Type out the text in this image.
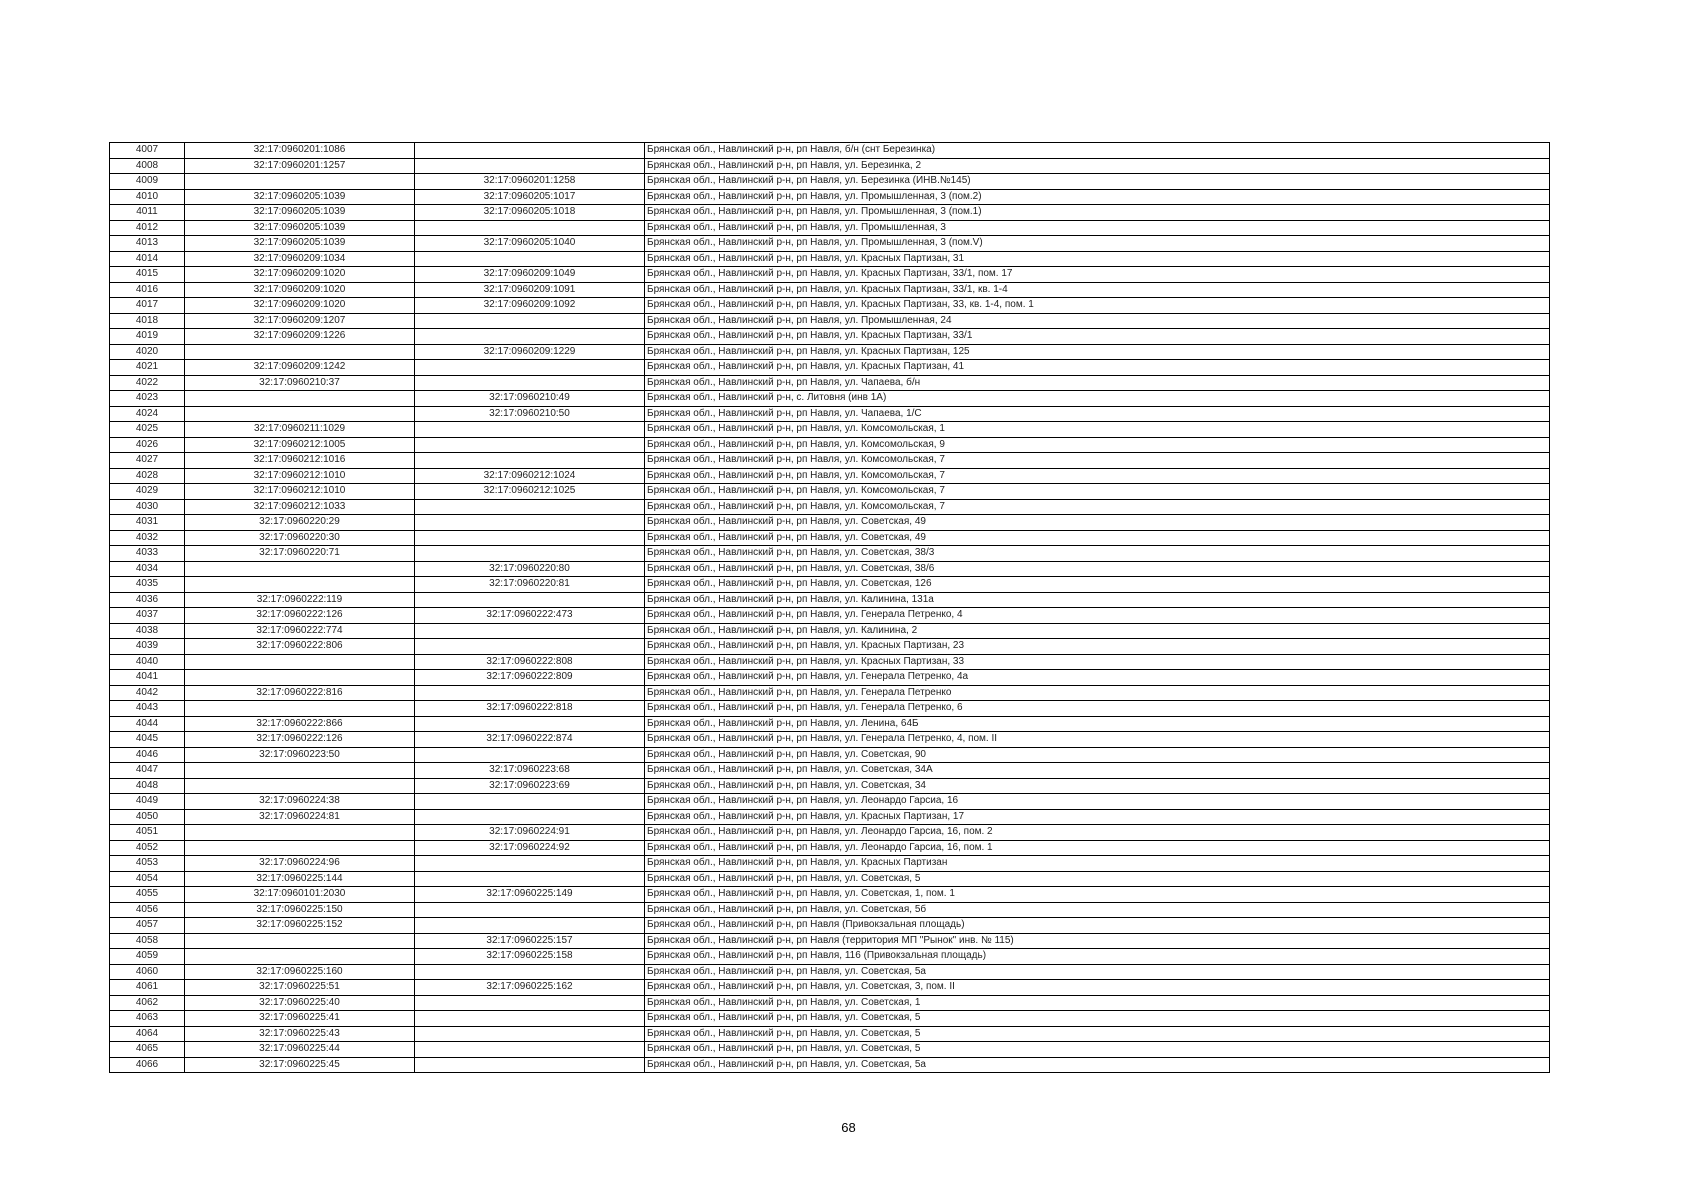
4007	32:17:0960201:1086		Брянская обл., Навлинский р-н, рп Навля, б/н (снт Березинка)
4008	32:17:0960201:1257		Брянская обл., Навлинский р-н, рп Навля, ул. Березинка, 2
4009		32:17:0960201:1258	Брянская обл., Навлинский р-н, рп Навля, ул. Березинка (ИНВ.№145)
4010	32:17:0960205:1039	32:17:0960205:1017	Брянская обл., Навлинский р-н, рп Навля, ул. Промышленная, 3 (пом.2)
4011	32:17:0960205:1039	32:17:0960205:1018	Брянская обл., Навлинский р-н, рп Навля, ул. Промышленная, 3 (пом.1)
4012	32:17:0960205:1039		Брянская обл., Навлинский р-н, рп Навля, ул. Промышленная, 3
4013	32:17:0960205:1039	32:17:0960205:1040	Брянская обл., Навлинский р-н, рп Навля, ул. Промышленная, 3 (пом.V)
4014	32:17:0960209:1034		Брянская обл., Навлинский р-н, рп Навля, ул. Красных Партизан, 31
4015	32:17:0960209:1020	32:17:0960209:1049	Брянская обл., Навлинский р-н, рп Навля, ул. Красных Партизан, 33/1, пом. 17
4016	32:17:0960209:1020	32:17:0960209:1091	Брянская обл., Навлинский р-н, рп Навля, ул. Красных Партизан, 33/1, кв. 1-4
4017	32:17:0960209:1020	32:17:0960209:1092	Брянская обл., Навлинский р-н, рп Навля, ул. Красных Партизан, 33, кв. 1-4, пом. 1
4018	32:17:0960209:1207		Брянская обл., Навлинский р-н, рп Навля, ул. Промышленная, 24
4019	32:17:0960209:1226		Брянская обл., Навлинский р-н, рп Навля, ул. Красных Партизан, 33/1
4020		32:17:0960209:1229	Брянская обл., Навлинский р-н, рп Навля, ул. Красных Партизан, 125
4021	32:17:0960209:1242		Брянская обл., Навлинский р-н, рп Навля, ул. Красных Партизан, 41
4022	32:17:0960210:37		Брянская обл., Навлинский р-н, рп Навля, ул. Чапаева, б/н
4023		32:17:0960210:49	Брянская обл., Навлинский р-н, с. Литовня (инв 1А)
4024		32:17:0960210:50	Брянская обл., Навлинский р-н, рп Навля, ул. Чапаева, 1/С
4025	32:17:0960211:1029		Брянская обл., Навлинский р-н, рп Навля, ул. Комсомольская, 1
4026	32:17:0960212:1005		Брянская обл., Навлинский р-н, рп Навля, ул. Комсомольская, 9
4027	32:17:0960212:1016		Брянская обл., Навлинский р-н, рп Навля, ул. Комсомольская, 7
4028	32:17:0960212:1010	32:17:0960212:1024	Брянская обл., Навлинский р-н, рп Навля, ул. Комсомольская, 7
4029	32:17:0960212:1010	32:17:0960212:1025	Брянская обл., Навлинский р-н, рп Навля, ул. Комсомольская, 7
4030	32:17:0960212:1033		Брянская обл., Навлинский р-н, рп Навля, ул. Комсомольская, 7
4031	32:17:0960220:29		Брянская обл., Навлинский р-н, рп Навля, ул. Советская, 49
4032	32:17:0960220:30		Брянская обл., Навлинский р-н, рп Навля, ул. Советская, 49
4033	32:17:0960220:71		Брянская обл., Навлинский р-н, рп Навля, ул. Советская, 38/3
4034		32:17:0960220:80	Брянская обл., Навлинский р-н, рп Навля, ул. Советская, 38/6
4035		32:17:0960220:81	Брянская обл., Навлинский р-н, рп Навля, ул. Советская, 126
4036	32:17:0960222:119		Брянская обл., Навлинский р-н, рп Навля, ул. Калинина, 131а
4037	32:17:0960222:126	32:17:0960222:473	Брянская обл., Навлинский р-н, рп Навля, ул. Генерала Петренко, 4
4038	32:17:0960222:774		Брянская обл., Навлинский р-н, рп Навля, ул. Калинина, 2
4039	32:17:0960222:806		Брянская обл., Навлинский р-н, рп Навля, ул. Красных Партизан, 23
4040		32:17:0960222:808	Брянская обл., Навлинский р-н, рп Навля, ул. Красных Партизан, 33
4041		32:17:0960222:809	Брянская обл., Навлинский р-н, рп Навля, ул. Генерала Петренко, 4а
4042	32:17:0960222:816		Брянская обл., Навлинский р-н, рп Навля, ул. Генерала Петренко
4043		32:17:0960222:818	Брянская обл., Навлинский р-н, рп Навля, ул. Генерала Петренко, 6
4044	32:17:0960222:866		Брянская обл., Навлинский р-н, рп Навля, ул. Ленина, 64Б
4045	32:17:0960222:126	32:17:0960222:874	Брянская обл., Навлинский р-н, рп Навля, ул. Генерала Петренко, 4, пом. II
4046	32:17:0960223:50		Брянская обл., Навлинский р-н, рп Навля, ул. Советская, 90
4047		32:17:0960223:68	Брянская обл., Навлинский р-н, рп Навля, ул. Советская, 34А
4048		32:17:0960223:69	Брянская обл., Навлинский р-н, рп Навля, ул. Советская, 34
4049	32:17:0960224:38		Брянская обл., Навлинский р-н, рп Навля, ул. Леонардо Гарсиа, 16
4050	32:17:0960224:81		Брянская обл., Навлинский р-н, рп Навля, ул. Красных Партизан, 17
4051		32:17:0960224:91	Брянская обл., Навлинский р-н, рп Навля, ул. Леонардо Гарсиа, 16, пом. 2
4052		32:17:0960224:92	Брянская обл., Навлинский р-н, рп Навля, ул. Леонардо Гарсиа, 16, пом. 1
4053	32:17:0960224:96		Брянская обл., Навлинский р-н, рп Навля, ул. Красных Партизан
4054	32:17:0960225:144		Брянская обл., Навлинский р-н, рп Навля, ул. Советская, 5
4055	32:17:0960101:2030	32:17:0960225:149	Брянская обл., Навлинский р-н, рп Навля, ул. Советская, 1, пом. 1
4056	32:17:0960225:150		Брянская обл., Навлинский р-н, рп Навля, ул. Советская, 5б
4057	32:17:0960225:152		Брянская обл., Навлинский р-н, рп Навля (Привокзальная площадь)
4058		32:17:0960225:157	Брянская обл., Навлинский р-н, рп Навля (территория МП "Рынок" инв. № 115)
4059		32:17:0960225:158	Брянская обл., Навлинский р-н, рп Навля, 116 (Привокзальная площадь)
4060	32:17:0960225:160		Брянская обл., Навлинский р-н, рп Навля, ул. Советская, 5а
4061	32:17:0960225:51	32:17:0960225:162	Брянская обл., Навлинский р-н, рп Навля, ул. Советская, 3, пом. II
4062	32:17:0960225:40		Брянская обл., Навлинский р-н, рп Навля, ул. Советская, 1
4063	32:17:0960225:41		Брянская обл., Навлинский р-н, рп Навля, ул. Советская, 5
4064	32:17:0960225:43		Брянская обл., Навлинский р-н, рп Навля, ул. Советская, 5
4065	32:17:0960225:44		Брянская обл., Навлинский р-н, рп Навля, ул. Советская, 5
4066	32:17:0960225:45		Брянская обл., Навлинский р-н, рп Навля, ул. Советская, 5а
68
